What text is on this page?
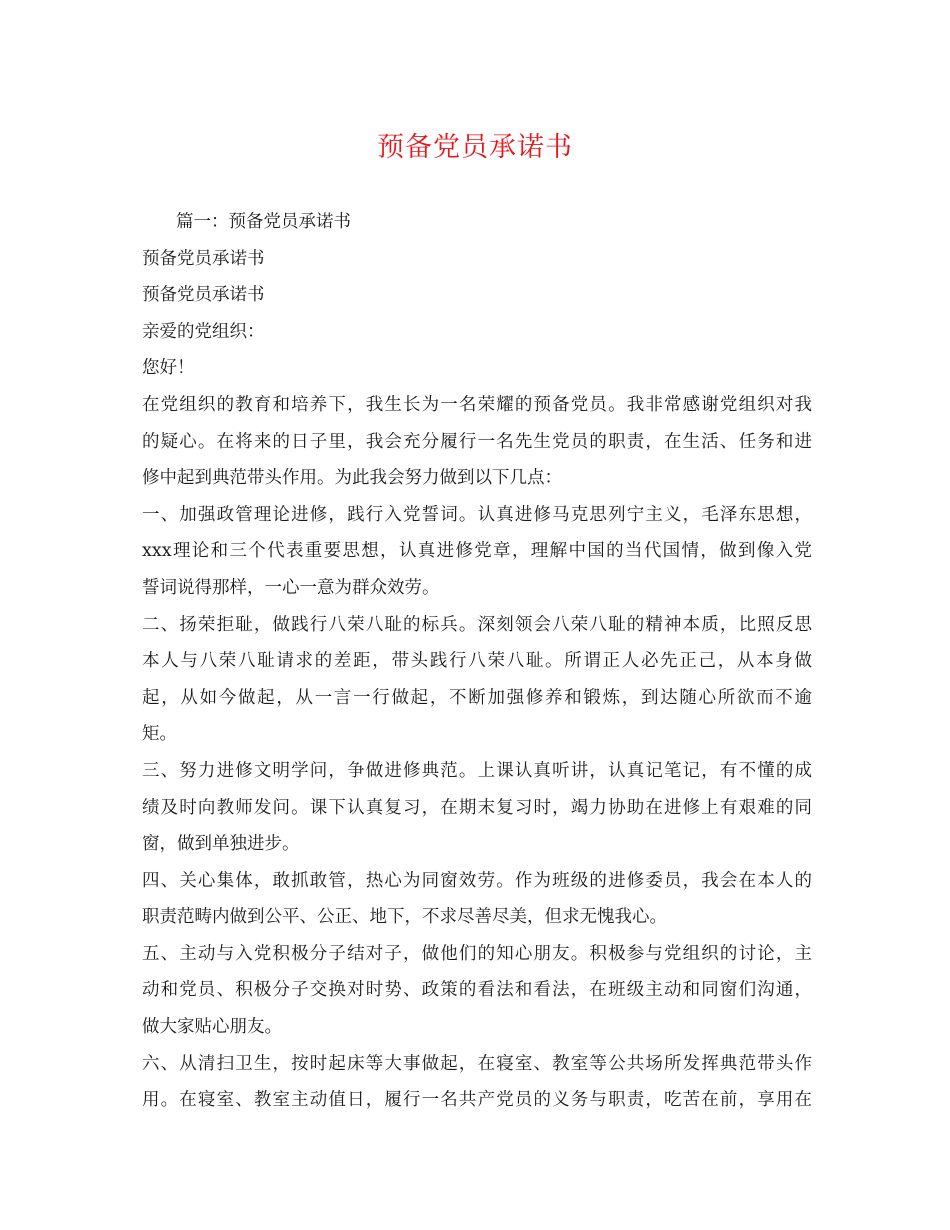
预备党员承诺书
篇一：预备党员承诺书
预备党员承诺书
预备党员承诺书
亲爱的党组织：
您好！
在党组织的教育和培养下，我生长为一名荣耀的预备党员。我非常感谢党组织对我
的疑心。在将来的日子里，我会充分履行一名先生党员的职责，在生活、任务和进
修中起到典范带头作用。为此我会努力做到以下几点：
一、加强政管理论进修，践行入党誓词。认真进修马克思列宁主义，毛泽东思想，
xxx理论和三个代表重要思想，认真进修党章，理解中国的当代国情，做到像入党
誓词说得那样，一心一意为群众效劳。
二、扬荣拒耻，做践行八荣八耻的标兵。深刻领会八荣八耻的精神本质，比照反思
本人与八荣八耻请求的差距，带头践行八荣八耻。所谓正人必先正己，从本身做
起，从如今做起，从一言一行做起，不断加强修养和锻炼，到达随心所欲而不逾
矩。
三、努力进修文明学问，争做进修典范。上课认真听讲，认真记笔记，有不懂的成
绩及时向教师发问。课下认真复习，在期末复习时，竭力协助在进修上有艰难的同
窗，做到单独进步。
四、关心集体，敢抓敢管，热心为同窗效劳。作为班级的进修委员，我会在本人的
职责范畴内做到公平、公正、地下，不求尽善尽美，但求无愧我心。
五、主动与入党积极分子结对子，做他们的知心朋友。积极参与党组织的讨论，主
动和党员、积极分子交换对时势、政策的看法和看法，在班级主动和同窗们沟通，
做大家贴心朋友。
六、从清扫卫生，按时起床等大事做起，在寝室、教室等公共场所发挥典范带头作
用。在寝室、教室主动值日，履行一名共产党员的义务与职责，吃苦在前，享用在
